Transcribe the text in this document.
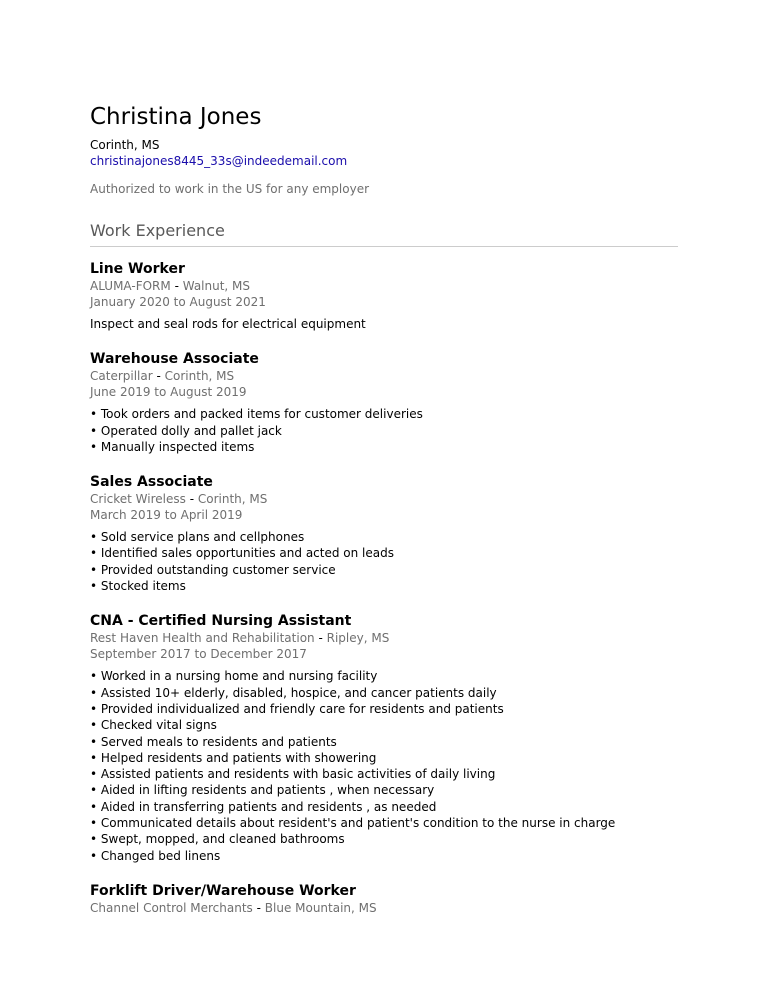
Christina Jones
Corinth, MS
christinajones8445_33s@indeedemail.com
Authorized to work in the US for any employer
Work Experience
Line Worker
ALUMA-FORM - Walnut, MS
January 2020 to August 2021
Inspect and seal rods for electrical equipment
Warehouse Associate
Caterpillar - Corinth, MS
June 2019 to August 2019
• Took orders and packed items for customer deliveries
• Operated dolly and pallet jack
• Manually inspected items
Sales Associate
Cricket Wireless - Corinth, MS
March 2019 to April 2019
• Sold service plans and cellphones
• Identified sales opportunities and acted on leads
• Provided outstanding customer service
• Stocked items
CNA - Certified Nursing Assistant
Rest Haven Health and Rehabilitation - Ripley, MS
September 2017 to December 2017
• Worked in a nursing home and nursing facility
• Assisted 10+ elderly, disabled, hospice, and cancer patients daily
• Provided individualized and friendly care for residents and patients
• Checked vital signs
• Served meals to residents and patients
• Helped residents and patients with showering
• Assisted patients and residents with basic activities of daily living
• Aided in lifting residents and patients , when necessary
• Aided in transferring patients and residents , as needed
• Communicated details about resident's and patient's condition to the nurse in charge
• Swept, mopped, and cleaned bathrooms
• Changed bed linens
Forklift Driver/Warehouse Worker
Channel Control Merchants - Blue Mountain, MS
